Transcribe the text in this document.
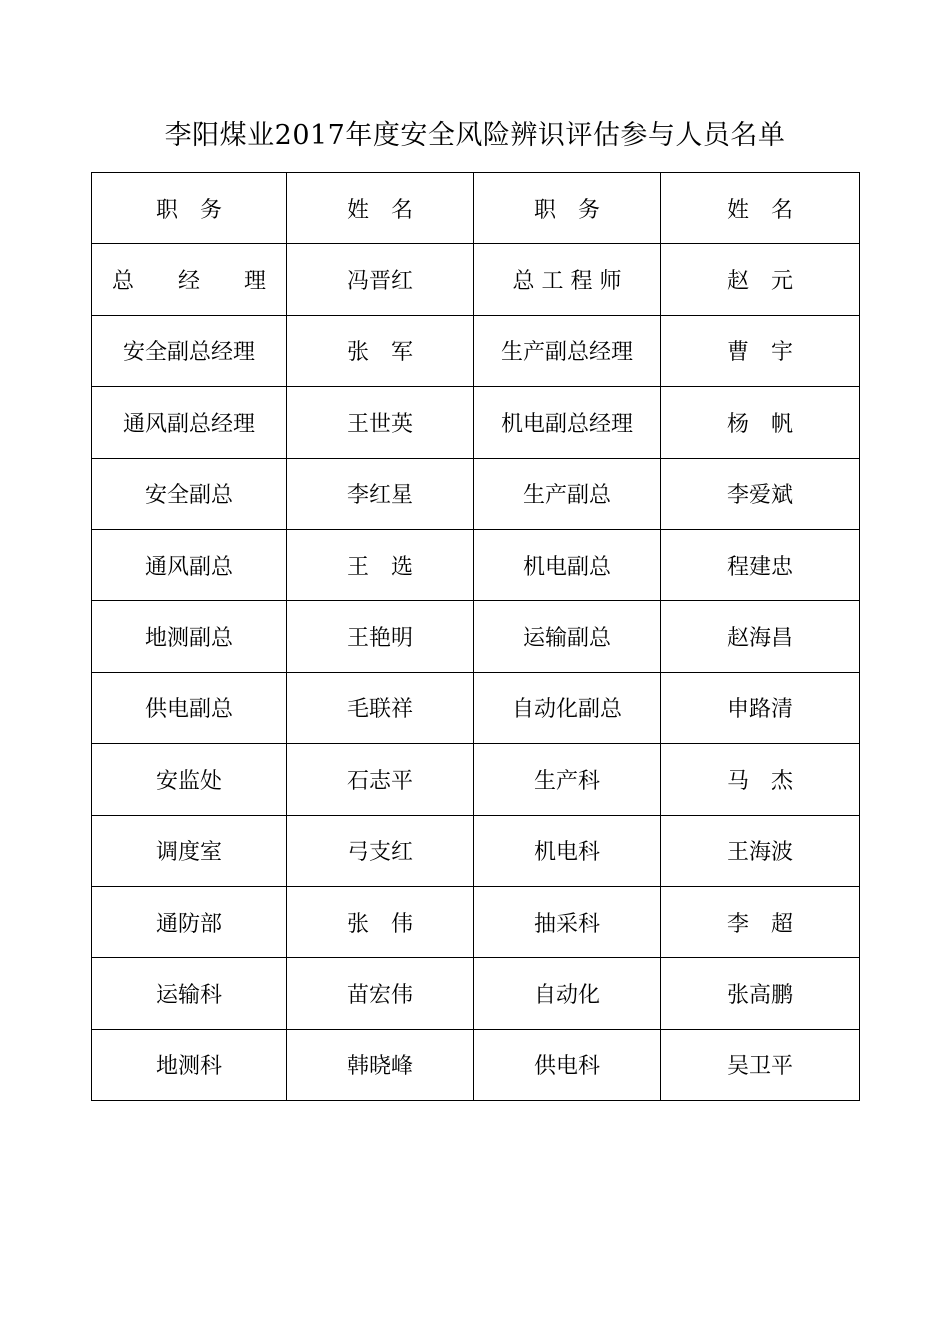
李阳煤业2017年度安全风险辨识评估参与人员名单
职　务	姓　名	职　务	姓　名
总　　经　　理	冯晋红	总 工 程 师	赵　元
安全副总经理	张　军	生产副总经理	曹　宇
通风副总经理	王世英	机电副总经理	杨　帆
安全副总	李红星	生产副总	李爱斌
通风副总	王　选	机电副总	程建忠
地测副总	王艳明	运输副总	赵海昌
供电副总	毛联祥	自动化副总	申路清
安监处	石志平	生产科	马　杰
调度室	弓支红	机电科	王海波
通防部	张　伟	抽采科	李　超
运输科	苗宏伟	自动化	张高鹏
地测科	韩晓峰	供电科	吴卫平
